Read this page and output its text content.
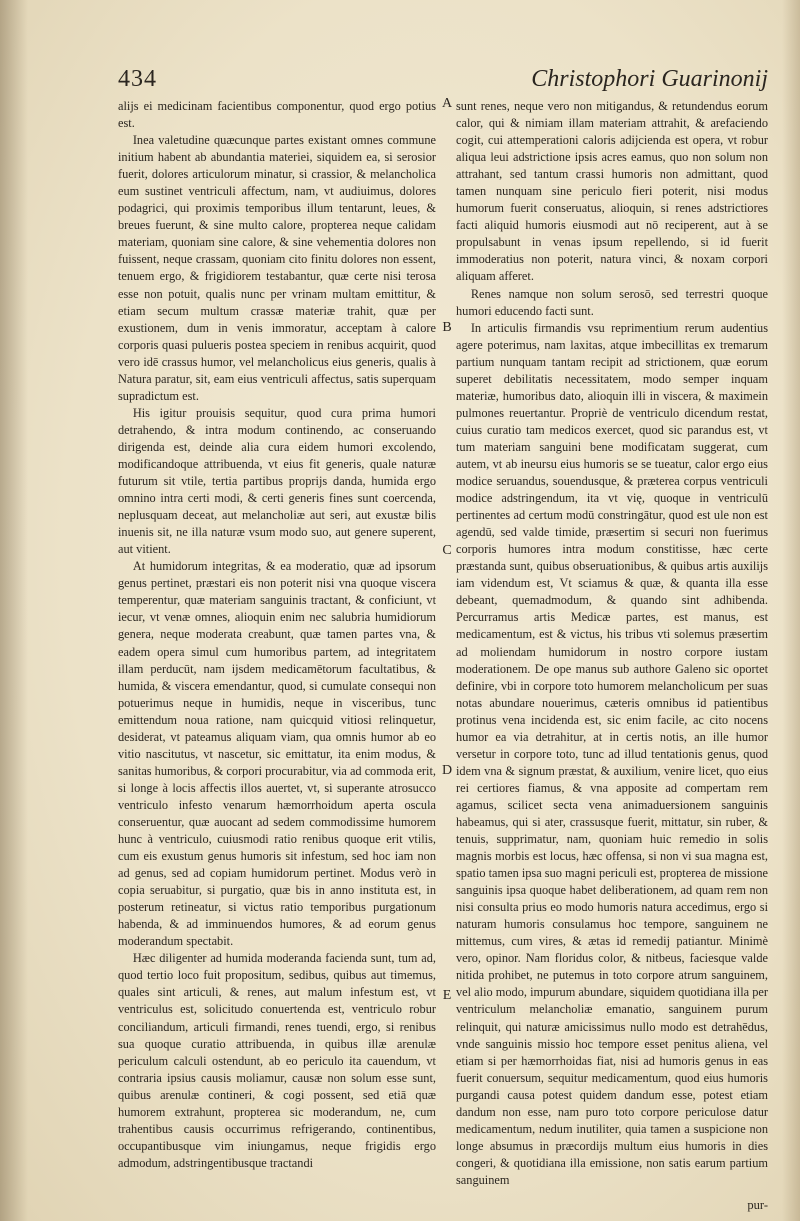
434	Christophori Guarinonij

alijs ei medicinam facientibus componentur, quod ergo potius est.

Inea valetudine quæcunque partes existant omnes commune initium habent ab abundantia materiei, siquidem ea, si serosior fuerit, dolores articulorum minatur, si crassior, & melancholica eum sustinet ventriculi affectum, nam, vt audiuimus, dolores podagrici, qui proximis temporibus illum tentarunt, leues, & breues fuerunt, & sine multo calore, propterea neque calidam materiam, quoniam sine calore, & sine vehementia dolores non fuissent, neque crassam, quoniam cito finitu dolores non essent, tenuem ergo, & frigidiorem testabantur, quæ certe nisi terosa esse non potuit, qualis nunc per vrinam multam emittitur, & etiam secum multum crassæ materiæ trahit, quæ per exustionem, dum in venis immoratur, acceptam à calore corporis quasi pulueris postea speciem in renibus acquirit, quod vero idē crassus humor, vel melancholicus eius generis, qualis à Natura paratur, sit, eam eius ventriculi affectus, satis superquam supradictum est.

His igitur prouisis sequitur, quod cura prima humori detrahendo, & intra modum continendo, ac conseruando dirigenda est, deinde alia cura eidem humori excolendo, modificandoque attribuenda, vt eius fit generis, quale naturæ futurum sit vtile, tertia partibus proprijs danda, humida ergo omnino intra certi modi, & certi generis fines sunt coercenda, neplusquam deceat, aut melancholiæ aut seri, aut exustæ bilis inuenis sit, ne illa naturæ vsum modo suo, aut genere superent, aut vitient.

At humidorum integritas, & ea moderatio, quæ ad ipsorum genus pertinet, præstari eis non poterit nisi vna quoque viscera temperentur, quæ materiam sanguinis tractant, & conficiunt, vt iecur, vt venæ omnes, alioquin enim nec salubria humidiorum genera, neque moderata creabunt, quæ tamen partes vna, & eadem opera simul cum humoribus partem, ad integritatem illam perducūt, nam ijsdem medicamētorum facultatibus, & humida, & viscera emendantur, quod, si cumulate consequi non potuerimus neque in humidis, neque in visceribus, tunc emittendum noua ratione, nam quicquid vitiosi relinquetur, desiderat, vt pateamus aliquam viam, qua omnis humor ab eo vitio nascitutus, vt nascetur, sic emittatur, ita enim modus, & sanitas humoribus, & corpori procurabitur, via ad commoda erit, si longe à locis affectis illos auertet, vt, si superante atrosucco ventriculo infesto venarum hæmorrhoidum aperta oscula conseruentur, quæ auocant ad sedem commodissime humorem hunc à ventriculo, cuiusmodi ratio renibus quoque erit vtilis, cum eis exustum genus humoris sit infestum, sed hoc iam non ad genus, sed ad copiam humidorum pertinet. Modus verò in copia seruabitur, si purgatio, quæ bis in anno instituta est, in posterum retineatur, si victus ratio temporibus purgationum habenda, & ad imminuendos humores, & ad eorum genus moderandum spectabit.

Hæc diligenter ad humida moderanda facienda sunt, tum ad, quod tertio loco fuit propositum, sedibus, quibus aut timemus, quales sint articuli, & renes, aut malum infestum est, vt ventriculus est, solicitudo conuertenda est, ventriculo robur conciliandum, articuli firmandi, renes tuendi, ergo, si renibus sua quoque curatio attribuenda, in quibus illæ arenulæ periculum calculi ostendunt, ab eo periculo ita cauendum, vt contraria ipsius causis moliamur, causæ non solum esse sunt, quibus arenulæ contineri, & cogi possent, sed etiā quæ humorem extrahunt, propterea sic moderandum, ne, cum trahentibus causis occurrimus refrigerando, continentibus, occupantibusque vim iniungamus, neque frigidis ergo admodum, adstringentibusque tractandi

A
B
C
D
E

sunt renes, neque vero non mitigandus, & retundendus eorum calor, qui & nimiam illam materiam attrahit, & arefaciendo cogit, cui attemperationi caloris adijcienda est opera, vt robur aliqua leui adstrictione ipsis acres eamus, quo non solum non attrahant, sed tantum crassi humoris non admittant, quod tamen nunquam sine periculo fieri poterit, nisi modus humorum fuerit conseruatus, alioquin, si renes adstrictiores facti aliquid humoris eiusmodi aut nō reciperent, aut à se propulsabunt in venas ipsum repellendo, si id fuerit immoderatius non poterit, natura vinci, & noxam corpori aliquam afferet.

Renes namque non solum serosō, sed terrestri quoque humori educendo facti sunt.

In articulis firmandis vsu reprimentium rerum audentius agere poterimus, nam laxitas, atque imbecillitas ex tremarum partium nunquam tantam recipit ad strictionem, quæ eorum superet debilitatis necessitatem, modo semper inquam materiæ, humoribus dato, alioquin illi in viscera, & maximein pulmones reuertantur. Propriè de ventriculo dicendum restat, cuius curatio tam medicos exercet, quod sic parandus est, vt tum materiam sanguini bene modificatam suggerat, cum autem, vt ab ineursu eius humoris se se tueatur, calor ergo eius modice seruandus, souendusque, & præterea corpus ventriculi modice adstringendum, ita vt vię, quoque in ventriculū pertinentes ad certum modū constringātur, quod est ule non est agendū, sed valde timide, præsertim si securi non fuerimus corporis humores intra modum constitisse, hæc certe præstanda sunt, quibus obseruationibus, & quibus artis auxilijs iam videndum est, Vt sciamus & quæ, & quanta illa esse debeant, quemadmodum, & quando sint adhibenda. Percurramus artis Medicæ partes, est manus, est medicamentum, est & victus, his tribus vti solemus præsertim ad moliendam humidorum in nostro corpore iustam moderationem. De ope manus sub authore Galeno sic oportet definire, vbi in corpore toto humorem melancholicum per suas notas abundare nouerimus, cæteris omnibus id patientibus protinus vena incidenda est, sic enim facile, ac cito nocens humor ea via detrahitur, at in certis notis, an ille humor versetur in corpore toto, tunc ad illud tentationis genus, quod idem vna & signum præstat, & auxilium, venire licet, quo eius rei certiores fiamus, & vna apposite ad compertam rem agamus, scilicet secta vena animaduersionem sanguinis habeamus, qui si ater, crassusque fuerit, mittatur, sin ruber, & tenuis, supprimatur, nam, quoniam huic remedio in solis magnis morbis est locus, hæc offensa, si non vi sua magna est, spatio tamen ipsa suo magni periculi est, propterea de missione sanguinis ipsa quoque habet deliberationem, ad quam rem non nisi consulta prius eo modo humoris natura accedimus, ergo si naturam humoris consulamus hoc tempore, sanguinem ne mittemus, cum vires, & ætas id remedij patiantur. Minimè vero, opinor. Nam floridus color, & nitbeus, faciesque valde nitida prohibet, ne putemus in toto corpore atrum sanguinem, vel alio modo, impurum abundare, siquidem quotidiana illa per ventriculum melancholiæ emanatio, sanguinem purum relinquit, qui naturæ amicissimus nullo modo est detrahēdus, vnde sanguinis missio hoc tempore esset penitus aliena, vel etiam si per hæmorrhoidas fiat, nisi ad humoris genus in eas fuerit conuersum, sequitur medicamentum, quod eius humoris purgandi causa potest quidem dandum esse, potest etiam dandum non esse, nam puro toto corpore periculose datur medicamentum, nedum inutiliter, quia tamen a suspicione non longe absumus in præcordijs multum eius humoris in dies congeri, & quotidiana illa emissione, non satis earum partium sanguinem

pur-
